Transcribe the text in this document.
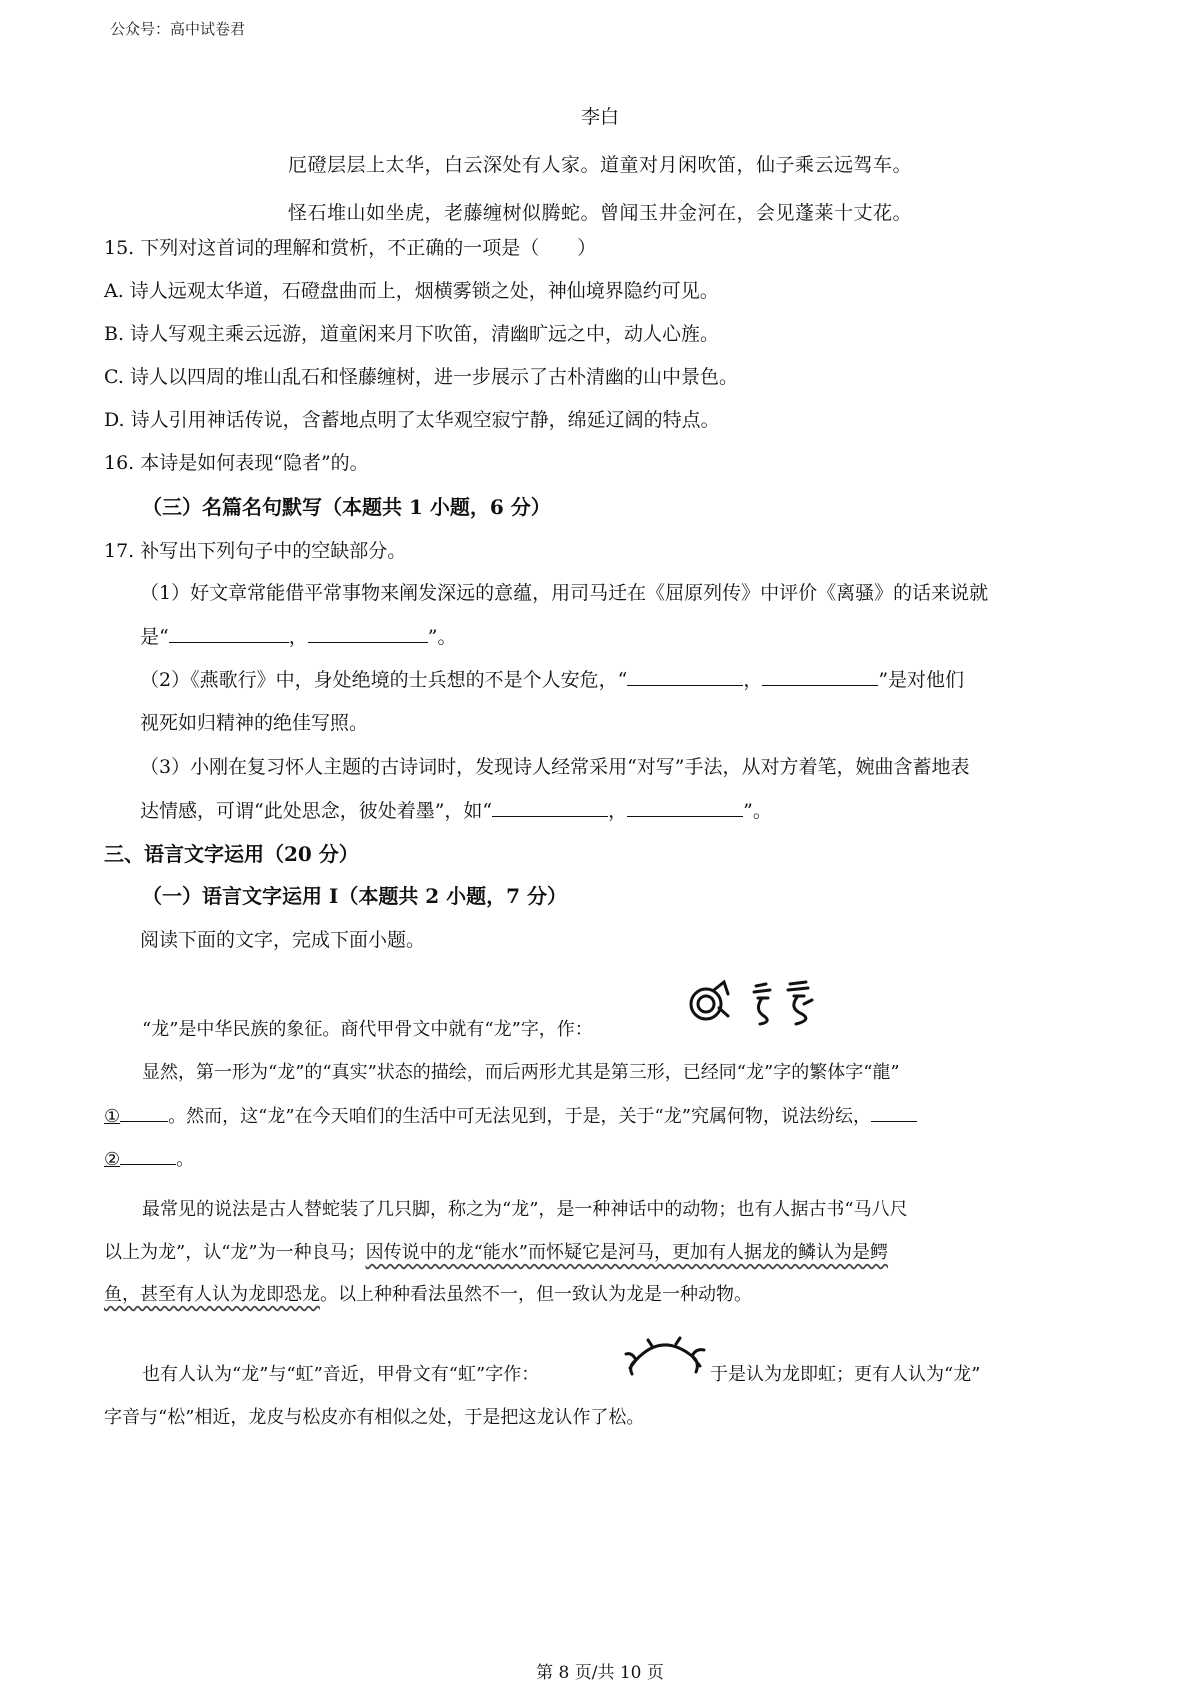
公众号：高中试卷君
李白
厄磴层层上太华，白云深处有人家。道童对月闲吹笛，仙子乘云远驾车。
怪石堆山如坐虎，老藤缠树似腾蛇。曾闻玉井金河在，会见蓬莱十丈花。
15. 下列对这首词的理解和赏析，不正确的一项是（　　）
A. 诗人远观太华道，石磴盘曲而上，烟横雾锁之处，神仙境界隐约可见。
B. 诗人写观主乘云远游，道童闲来月下吹笛，清幽旷远之中，动人心旌。
C. 诗人以四周的堆山乱石和怪藤缠树，进一步展示了古朴清幽的山中景色。
D. 诗人引用神话传说，含蓄地点明了太华观空寂宁静，绵延辽阔的特点。
16. 本诗是如何表现“隐者”的。
（三）名篇名句默写（本题共 1 小题，6 分）
17. 补写出下列句子中的空缺部分。
（1）好文章常能借平常事物来阐发深远的意蕴，用司马迁在《屈原列传》中评价《离骚》的话来说就
是“	，	”。
（2）《燕歌行》中，身处绝境的士兵想的不是个人安危，“	，	”是对他们
视死如归精神的绝佳写照。
（3）小刚在复习怀人主题的古诗词时，发现诗人经常采用“对写”手法，从对方着笔，婉曲含蓄地表
达情感，可谓“此处思念，彼处着墨”，如“	，	”。
三、语言文字运用（20 分）
（一）语言文字运用 I（本题共 2 小题，7 分）
阅读下面的文字，完成下面小题。
“龙”是中华民族的象征。商代甲骨文中就有“龙”字，作：
显然，第一形为“龙”的“真实”状态的描绘，而后两形尤其是第三形，已经同“龙”字的繁体字“龍”
①	。然而，这“龙”在今天咱们的生活中可无法见到，于是，关于“龙”究属何物，说法纷纭，
②	。
最常见的说法是古人替蛇装了几只脚，称之为“龙”，是一种神话中的动物；也有人据古书“马八尺
以上为龙”，认“龙”为一种良马；因传说中的龙“能水”而怀疑它是河马，更加有人据龙的鳞认为是鳄
鱼，甚至有人认为龙即恐龙。以上种种看法虽然不一，但一致认为龙是一种动物。
也有人认为“龙”与“虹”音近，甲骨文有“虹”字作：	于是认为龙即虹；更有人认为“龙”
字音与“松”相近，龙皮与松皮亦有相似之处，于是把这龙认作了松。
第 8 页/共 10 页
